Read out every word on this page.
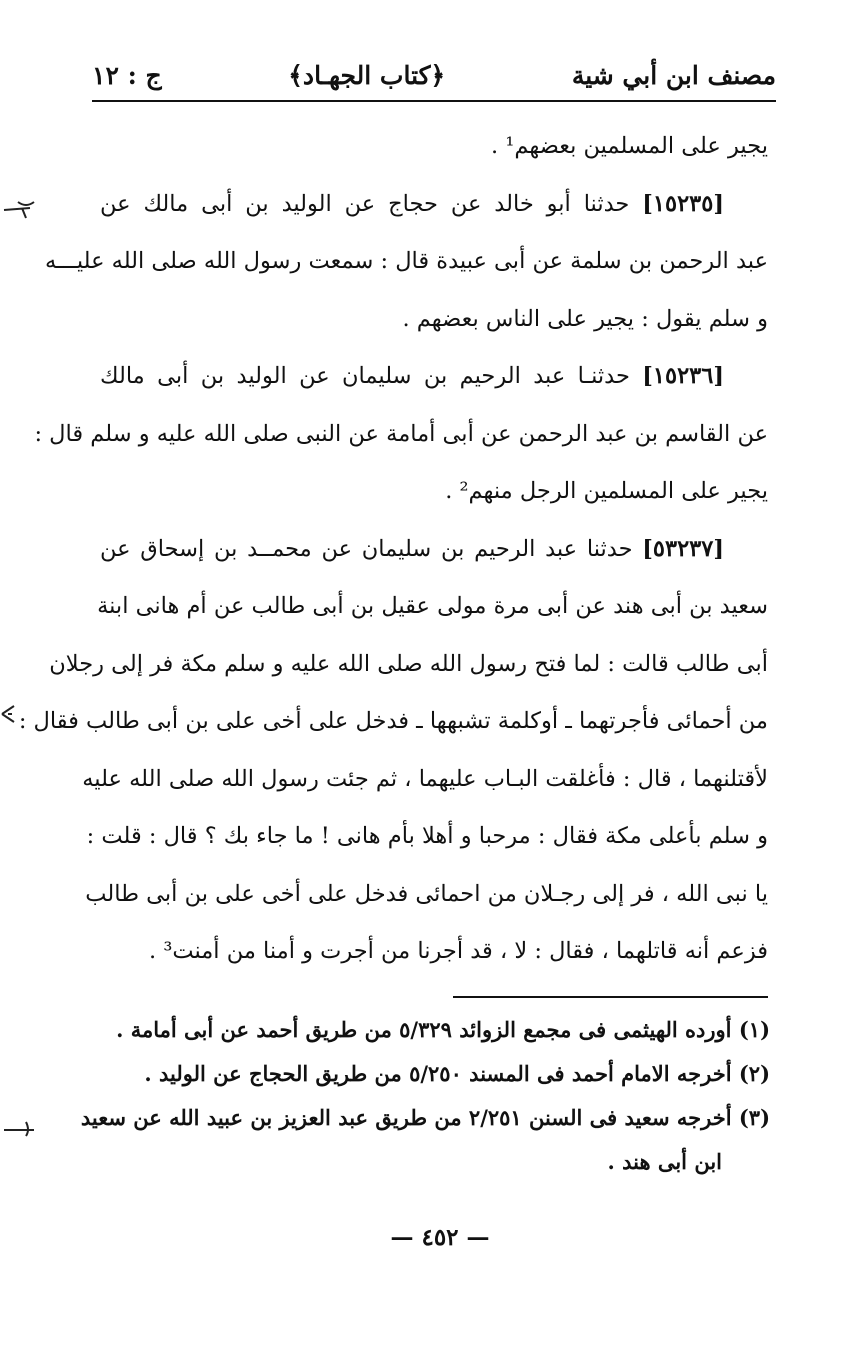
مصنف ابن أبي شية
﴿كتاب الجهـاد﴾
ج : ١٢

يجير على المسلمين بعضهم¹ .

[١٥٢٣٥] حدثنا أبو خالد عن حجاج عن الوليد بن أبى مالك عن
عبد الرحمن بن سلمة عن أبى عبيدة قال : سمعت رسول الله صلى الله عليـــه
و سلم يقول : يجير على الناس بعضهم .

[١٥٢٣٦] حدثنـا عبد الرحيم بن سليمان عن الوليد بن أبى مالك
عن القاسم بن عبد الرحمن عن أبى أمامة عن النبى صلى الله عليه و سلم قال :
يجير على المسلمين الرجل منهم² .

[٥٣٢٣٧] حدثنا عبد الرحيم بن سليمان عن محمــد بن إسحاق عن
سعيد بن أبى هند عن أبى مرة مولى عقيل بن أبى طالب عن أم هانى ابنة
أبى طالب قالت : لما فتح رسول الله صلى الله عليه و سلم مكة فر إلى رجلان
من أحمائى فأجرتهما ـ أوكلمة تشبهها ـ فدخل على أخى على بن أبى طالب فقال :
لأقتلنهما ، قال : فأغلقت البـاب عليهما ، ثم جئت رسول الله صلى الله عليه
و سلم بأعلى مكة فقال : مرحبا و أهلا بأم هانى ! ما جاء بك ؟ قال : قلت :
يا نبى الله ، فر إلى رجـلان من احمائى فدخل على أخى على بن أبى طالب
فزعم أنه قاتلهما ، فقال : لا ، قد أجرنا من أجرت و أمنا من أمنت³ .

(١) أورده الهيثمى فى مجمع الزوائد ٥/٣٢٩ من طريق أحمد عن أبى أمامة .
(٢) أخرجه الامام أحمد فى المسند ٥/٢٥٠ من طريق الحجاج عن الوليد .
(٣) أخرجه سعيد فى السنن ٢/٢٥١ من طريق عبد العزيز بن عبيد الله عن سعيد
ابن أبى هند .
— ٤٥٢ —
